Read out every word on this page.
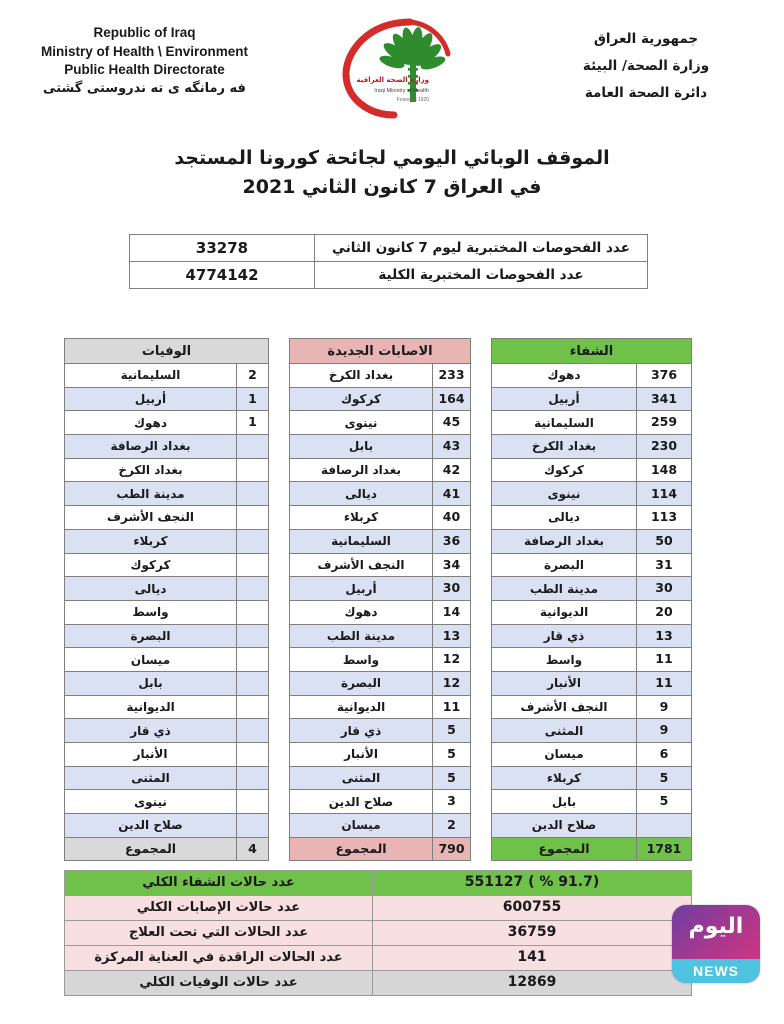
Republic of Iraq
Ministry of Health \ Environment
Public Health Directorate
فه رمانگه ى ته ندروستى گشتى
وزارة الصحة العراقية
Iraqi Ministry of Health
Founded 1920
جمهورية العراق
وزارة الصحة/ البيئة
دائرة الصحة العامة
الموقف الوبائي اليومي لجائحة كورونا المستجد
في العراق 7 كانون الثاني 2021
عدد الفحوصات المختبرية ليوم 7 كانون الثاني	33278
عدد الفحوصات المختبرية الكلية	4774142
الوفيات	
2	السليمانية
1	أربيل
1	دهوك
	بغداد الرصافة
	بغداد الكرخ
	مدينة الطب
	النجف الأشرف
	كربلاء
	كركوك
	ديالى
	واسط
	البصرة
	ميسان
	بابل
	الديوانية
	ذي قار
	الأنبار
	المثنى
	نينوى
	صلاح الدين
4	المجموع
الاصابات الجديدة	
233	بغداد الكرخ
164	كركوك
45	نينوى
43	بابل
42	بغداد الرصافة
41	ديالى
40	كربلاء
36	السليمانية
34	النجف الأشرف
30	أربيل
14	دهوك
13	مدينة الطب
12	واسط
12	البصرة
11	الديوانية
5	ذي قار
5	الأنبار
5	المثنى
3	صلاح الدين
2	ميسان
790	المجموع
الشفاء	
376	دهوك
341	أربيل
259	السليمانية
230	بغداد الكرخ
148	كركوك
114	نينوى
113	ديالى
50	بغداد الرصافة
31	البصرة
30	مدينة الطب
20	الديوانية
13	ذي قار
11	واسط
11	الأنبار
9	النجف الأشرف
9	المثنى
6	ميسان
5	كربلاء
5	بابل
	صلاح الدين
1781	المجموع
551127 ( % 91.7)	عدد حالات الشفاء الكلي
600755	عدد حالات الإصابات الكلي
36759	عدد الحالات التي تحت العلاج
141	عدد الحالات الراقدة في العناية المركزة
12869	عدد حالات الوفيات الكلي
اليوم
NEWS
